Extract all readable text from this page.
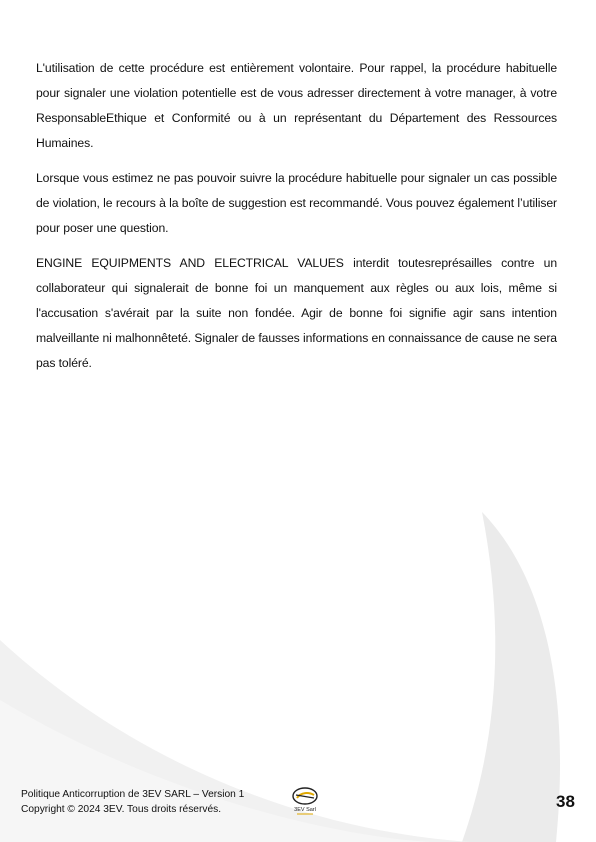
L'utilisation de cette procédure est entièrement volontaire. Pour rappel, la procédure habituelle pour signaler une violation potentielle est de vous adresser directement à votre manager, à votre ResponsableEthique et Conformité ou à un représentant du Département des Ressources Humaines.

Lorsque vous estimez ne pas pouvoir suivre la procédure habituelle pour signaler un cas possible de violation, le recours à la boîte de suggestion est recommandé. Vous pouvez également l’utiliser pour poser une question.

ENGINE EQUIPMENTS AND ELECTRICAL VALUES interdit toutesreprésailles contre un collaborateur qui signalerait de bonne foi un manquement aux règles ou aux lois, même si l'accusation s'avérait par la suite non fondée. Agir de bonne foi signifie agir sans intention malveillante ni malhonnêteté. Signaler de fausses informations en connaissance de cause ne sera pas toléré.

Politique Anticorruption de 3EV SARL – Version 1
Copyright © 2024 3EV. Tous droits réservés.	3EV Sarl	38
